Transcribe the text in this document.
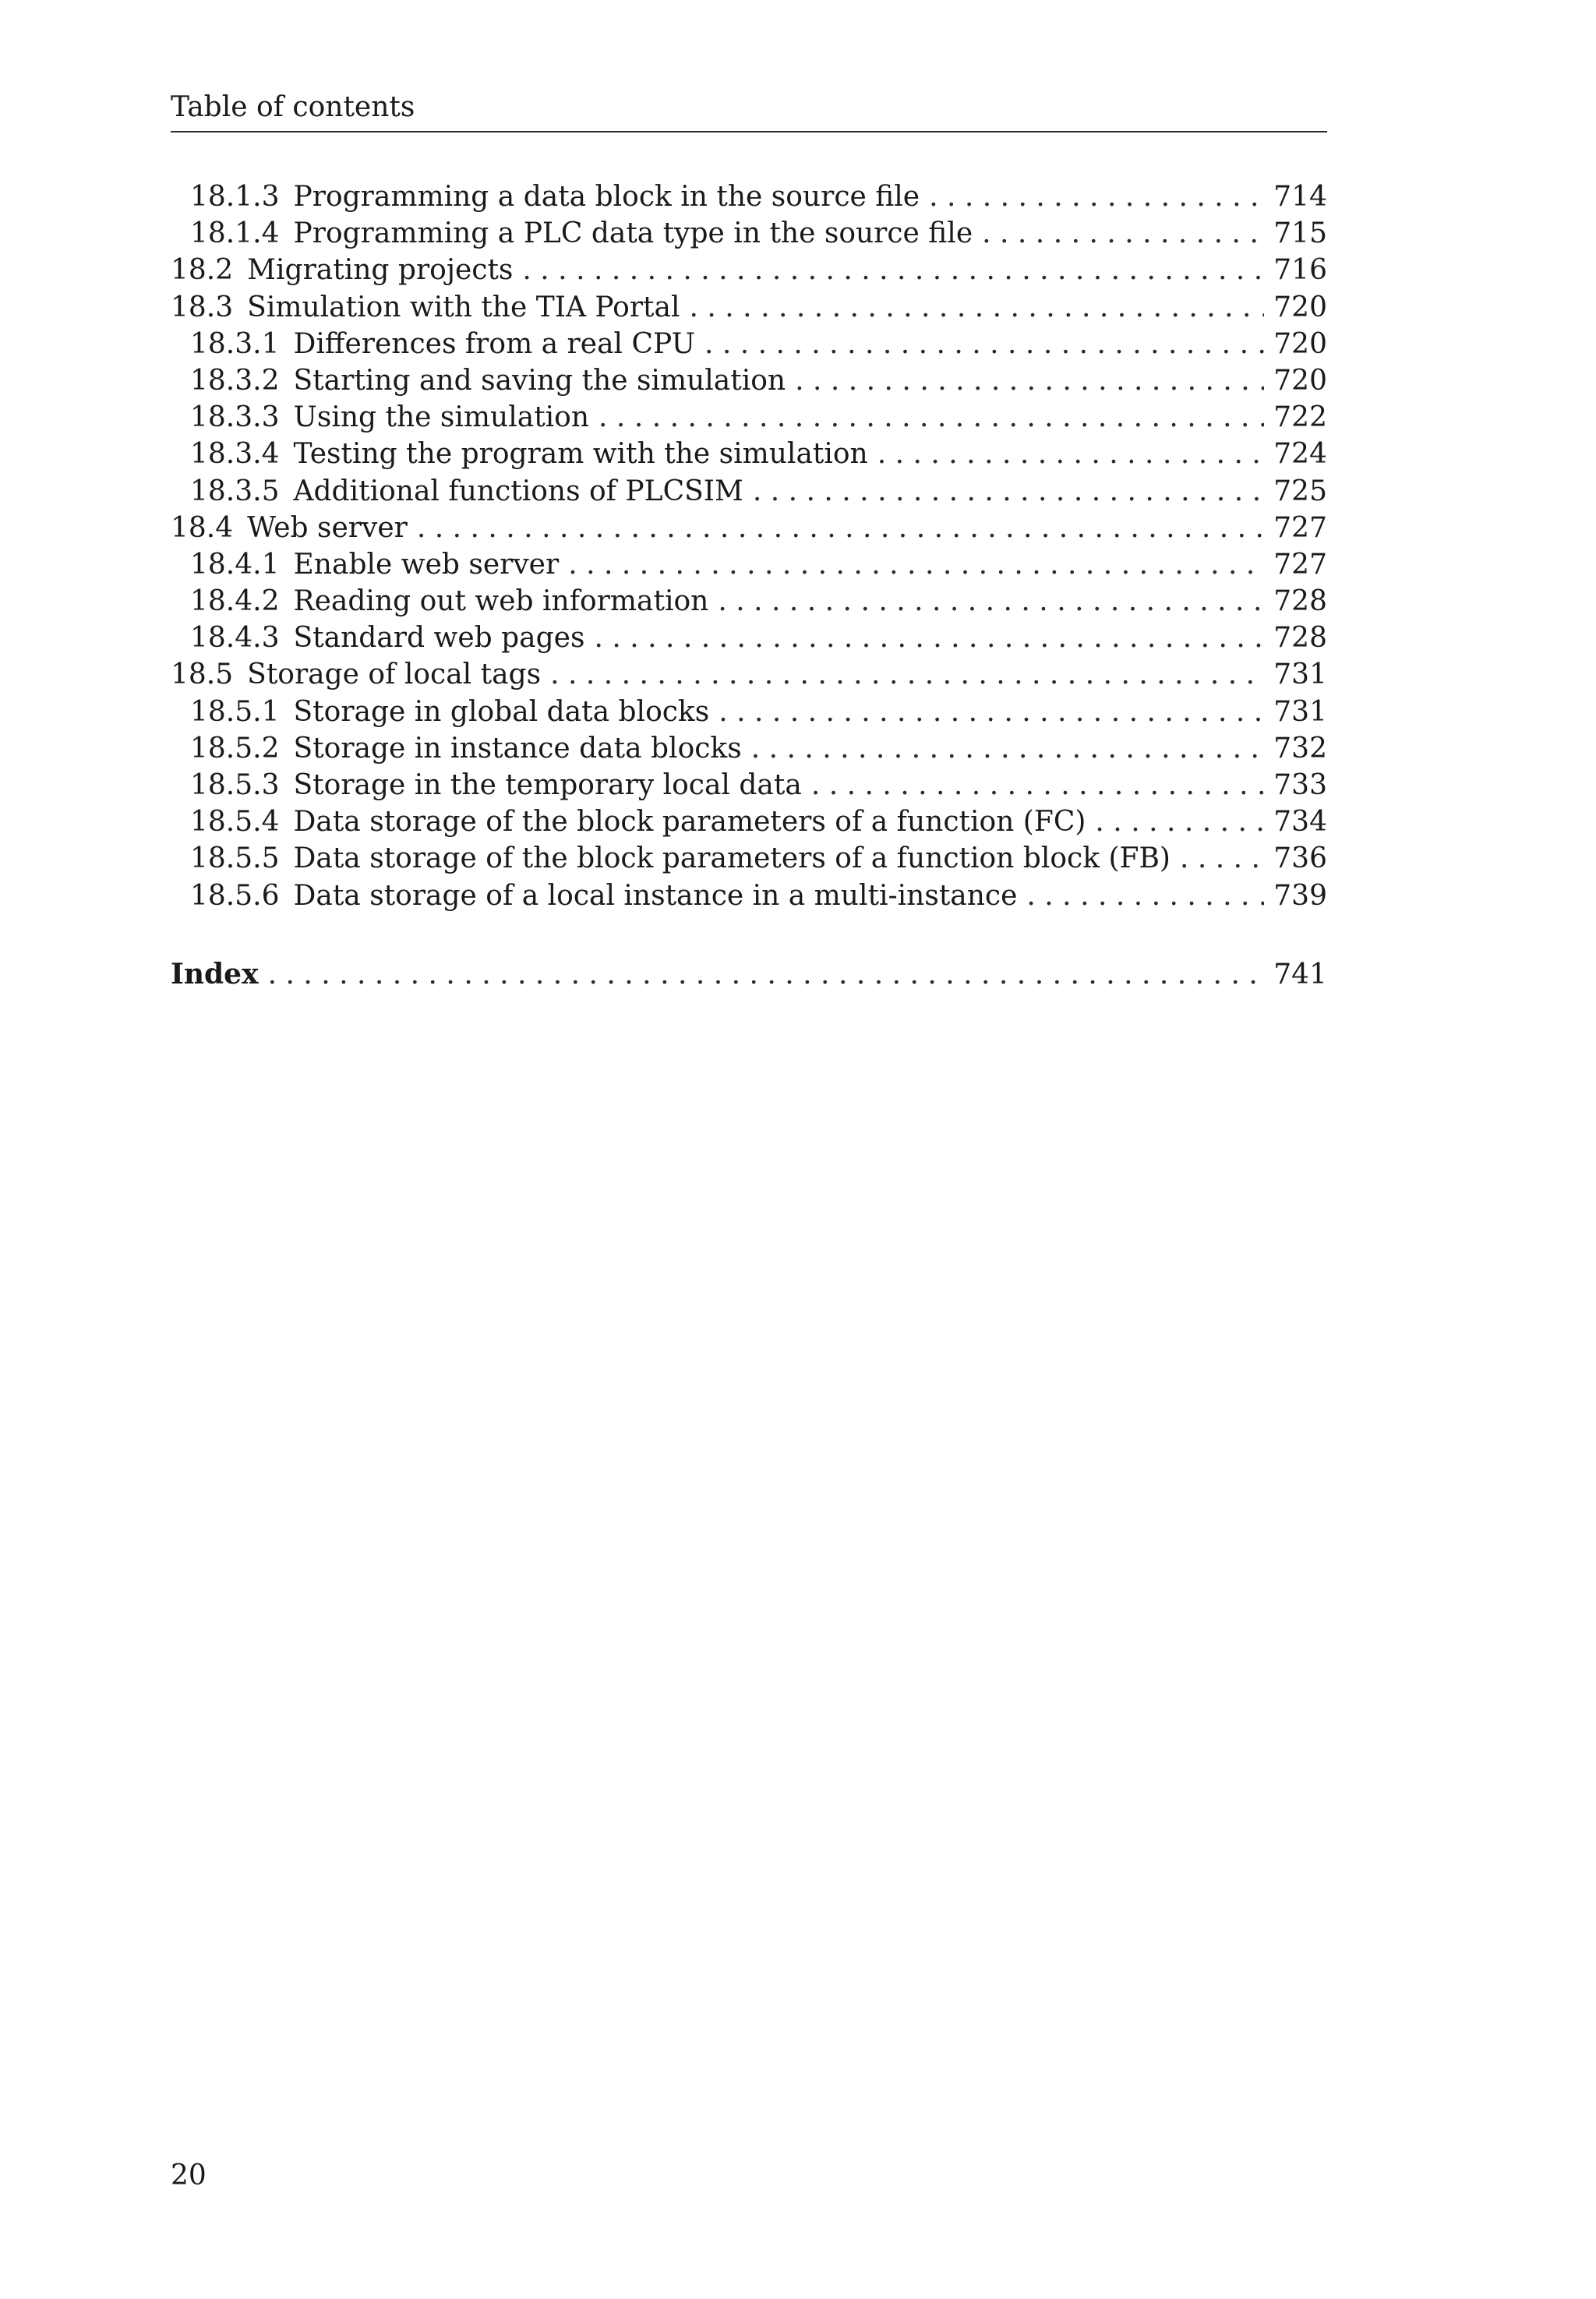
Table of contents
18.1.3 Programming a data block in the source file . . .	714
18.1.4 Programming a PLC data type in the source file . . .	715
18.2 Migrating projects . . .	716
18.3 Simulation with the TIA Portal . . .	720
18.3.1 Differences from a real CPU . . .	720
18.3.2 Starting and saving the simulation . . .	720
18.3.3 Using the simulation . . .	722
18.3.4 Testing the program with the simulation . . .	724
18.3.5 Additional functions of PLCSIM . . .	725
18.4 Web server . . .	727
18.4.1 Enable web server . . .	727
18.4.2 Reading out web information . . .	728
18.4.3 Standard web pages . . .	728
18.5 Storage of local tags . . .	731
18.5.1 Storage in global data blocks . . .	731
18.5.2 Storage in instance data blocks . . .	732
18.5.3 Storage in the temporary local data . . .	733
18.5.4 Data storage of the block parameters of a function (FC) . . .	734
18.5.5 Data storage of the block parameters of a function block (FB) . . .	736
18.5.6 Data storage of a local instance in a multi-instance . . .	739
Index . . .	741
20
